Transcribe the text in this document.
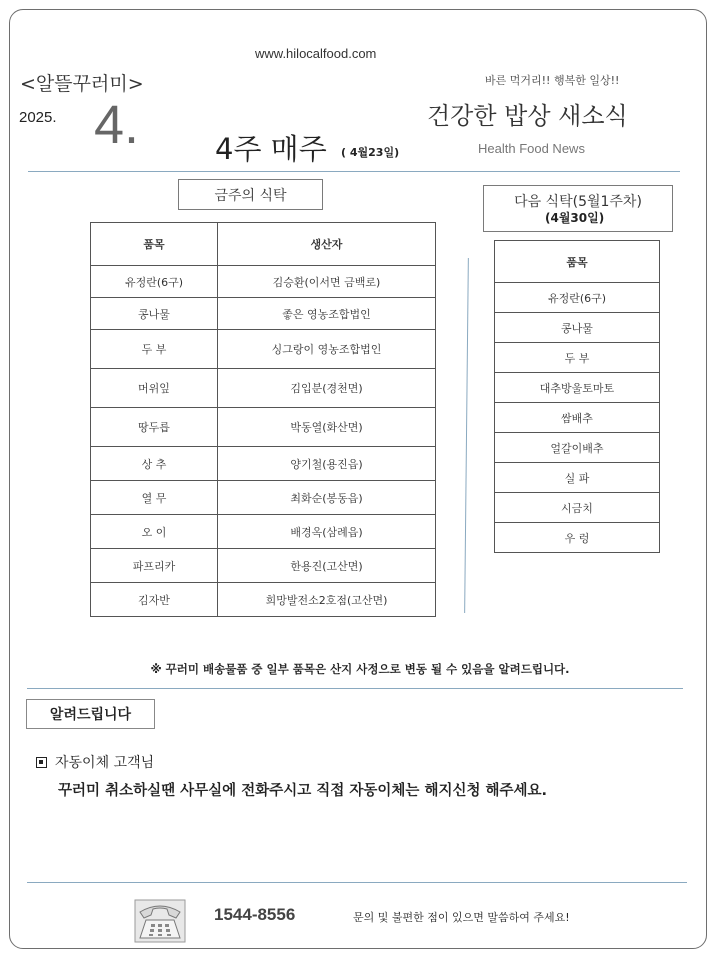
www.hilocalfood.com
<알뜰꾸러미>	바른 먹거리!! 행복한 일상!!
2025. 4.	4주 매주 ( 4월23일)
건강한 밥상 새소식
Health Food News
금주의 식탁
품목	생산자
유정란(6구)	김승환(이서면 금백로)
콩나물	좋은 영농조합법인
두 부	싱그랑이 영농조합법인
머위잎	김입분(경천면)
땅두릅	박동열(화산면)
상 추	양기철(용진읍)
열 무	최화순(봉동읍)
오 이	배경옥(삼례읍)
파프리카	한용진(고산면)
김자반	희망발전소2호점(고산면)
다음 식탁(5월1주차)
(4월30일)
품목
유정란(6구)
콩나물
두 부
대추방울토마토
쌈배추
얼갈이배추
실 파
시금치
우 렁
※ 꾸러미 배송물품 중 일부 품목은 산지 사정으로 변동 될 수 있음을 알려드립니다.
알려드립니다
자동이체 고객님
꾸러미 취소하실땐 사무실에 전화주시고 직접 자동이체는 해지신청 해주세요.
1544-8556	문의 및 불편한 점이 있으면 말씀하여 주세요!
